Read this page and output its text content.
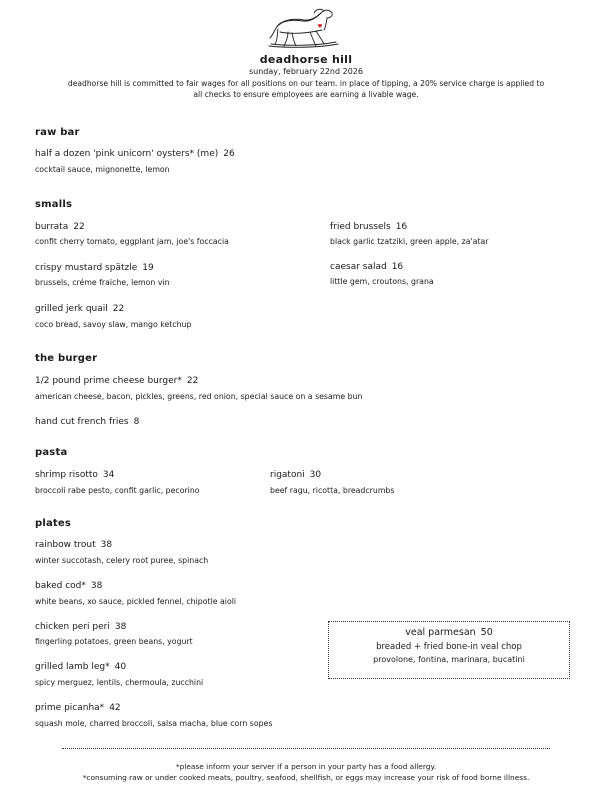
deadhorse hill
sunday, february 22nd 2026
deadhorse hill is committed to fair wages for all positions on our team. in place of tipping, a 20% service charge is applied to
all checks to ensure employees are earning a livable wage.
raw bar
half a dozen 'pink unicorn' oysters* (me) 26
cocktail sauce, mignonette, lemon
smalls
burrata 22
confit cherry tomato, eggplant jam, joe's foccacia
fried brussels 16
black garlic tzatziki, green apple, za'atar
crispy mustard spätzle 19
brussels, créme fraiche, lemon vin
caesar salad 16
little gem, croutons, grana
grilled jerk quail 22
coco bread, savoy slaw, mango ketchup
the burger
1/2 pound prime cheese burger* 22
american cheese, bacon, pickles, greens, red onion, special sauce on a sesame bun
hand cut french fries 8
pasta
shrimp risotto 34
broccoli rabe pesto, confit garlic, pecorino
rigatoni 30
beef ragu, ricotta, breadcrumbs
plates
rainbow trout 38
winter succotash, celery root puree, spinach
baked cod* 38
white beans, xo sauce, pickled fennel, chipotle aioli
chicken peri peri 38
fingerling potatoes, green beans, yogurt
grilled lamb leg* 40
spicy merguez, lentils, chermoula, zucchini
prime picanha* 42
squash mole, charred broccoli, salsa macha, blue corn sopes
veal parmesan 50
breaded + fried bone-in veal chop
provolone, fontina, marinara, bucatini
*please inform your server if a person in your party has a food allergy.
*consuming raw or under cooked meats, poultry, seafood, shellfish, or eggs may increase your risk of food borne illness.
